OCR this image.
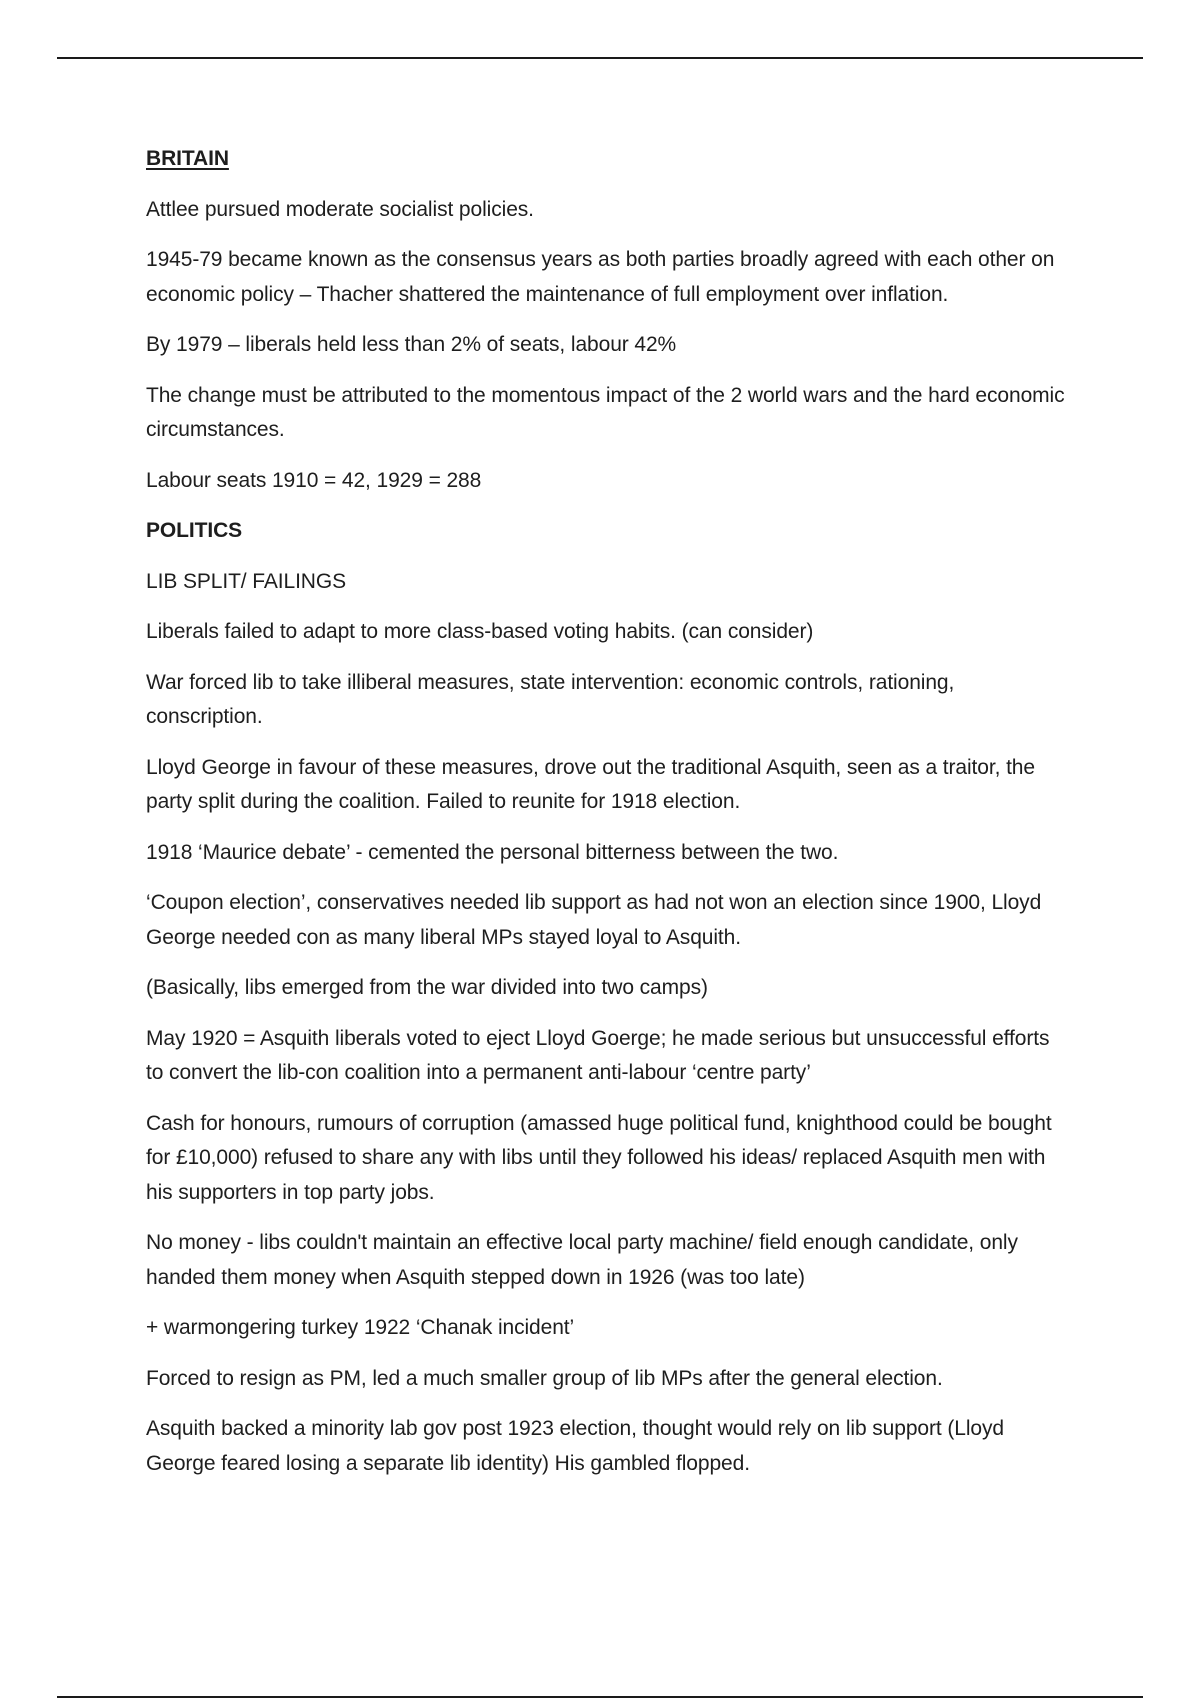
BRITAIN

Attlee pursued moderate socialist policies.

1945-79 became known as the consensus years as both parties broadly agreed with each other on economic policy – Thacher shattered the maintenance of full employment over inflation.

By 1979 – liberals held less than 2% of seats, labour 42%

The change must be attributed to the momentous impact of the 2 world wars and the hard economic circumstances.

Labour seats 1910 = 42, 1929 = 288

POLITICS

LIB SPLIT/ FAILINGS

Liberals failed to adapt to more class-based voting habits. (can consider)

War forced lib to take illiberal measures, state intervention: economic controls, rationing, conscription.

Lloyd George in favour of these measures, drove out the traditional Asquith, seen as a traitor, the party split during the coalition. Failed to reunite for 1918 election.

1918 ‘Maurice debate’ - cemented the personal bitterness between the two.

‘Coupon election’, conservatives needed lib support as had not won an election since 1900, Lloyd George needed con as many liberal MPs stayed loyal to Asquith.

(Basically, libs emerged from the war divided into two camps)

May 1920 = Asquith liberals voted to eject Lloyd Goerge; he made serious but unsuccessful efforts to convert the lib-con coalition into a permanent anti-labour ‘centre party’

Cash for honours, rumours of corruption (amassed huge political fund, knighthood could be bought for £10,000) refused to share any with libs until they followed his ideas/ replaced Asquith men with his supporters in top party jobs.

No money - libs couldn't maintain an effective local party machine/ field enough candidate, only handed them money when Asquith stepped down in 1926 (was too late)

+ warmongering turkey 1922 ‘Chanak incident’

Forced to resign as PM, led a much smaller group of lib MPs after the general election.

Asquith backed a minority lab gov post 1923 election, thought would rely on lib support (Lloyd George feared losing a separate lib identity) His gambled flopped.
